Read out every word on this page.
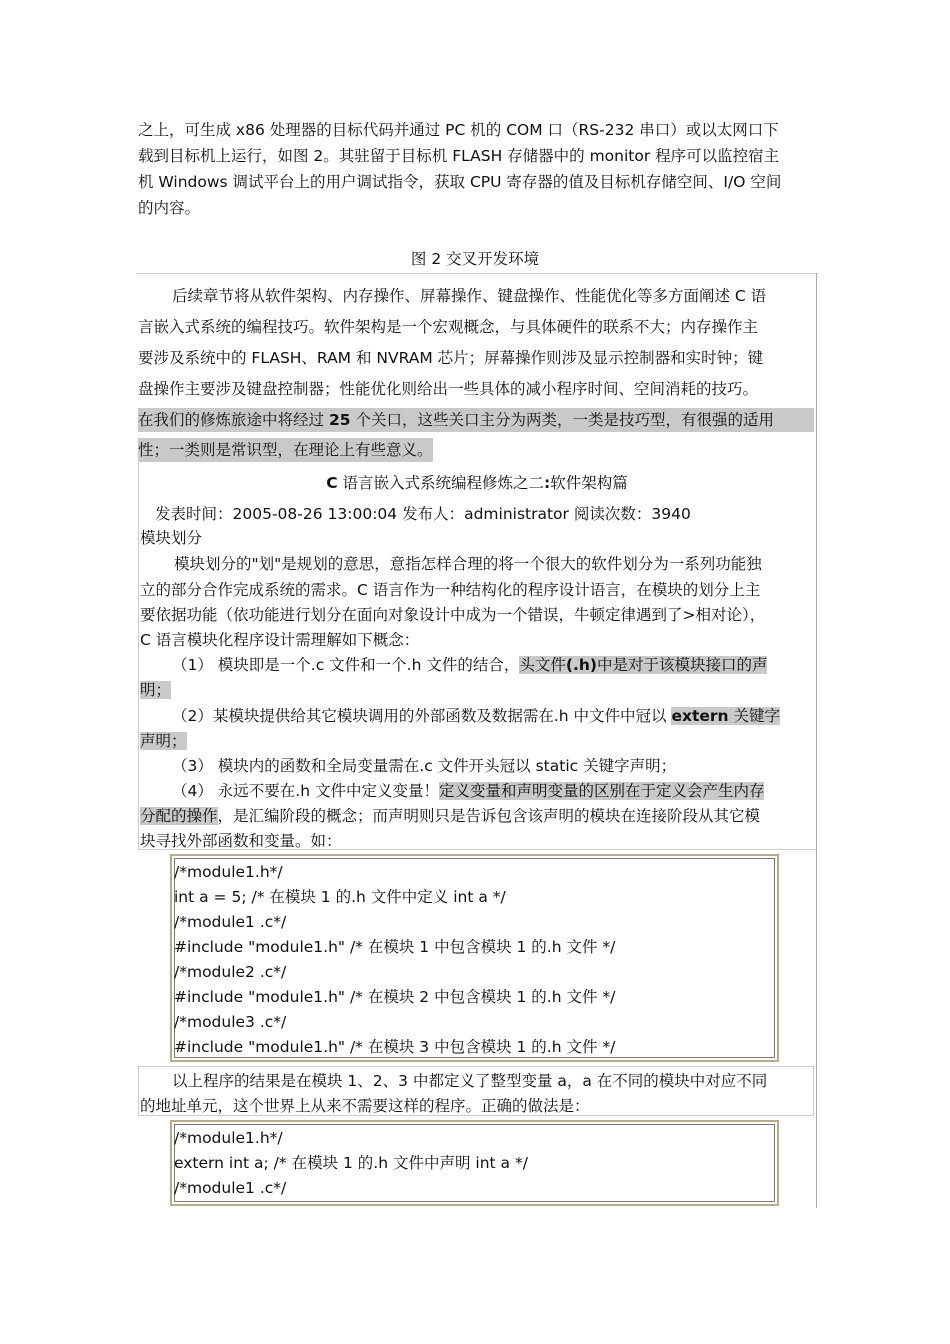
之上，可生成 x86 处理器的目标代码并通过 PC 机的 COM 口（RS-232 串口）或以太网口下
载到目标机上运行，如图 2。其驻留于目标机 FLASH 存储器中的 monitor 程序可以监控宿主
机 Windows 调试平台上的用户调试指令，获取 CPU 寄存器的值及目标机存储空间、I/O 空间
的内容。
图 2 交叉开发环境
后续章节将从软件架构、内存操作、屏幕操作、键盘操作、性能优化等多方面阐述 C 语
言嵌入式系统的编程技巧。软件架构是一个宏观概念，与具体硬件的联系不大；内存操作主
要涉及系统中的 FLASH、RAM 和 NVRAM 芯片；屏幕操作则涉及显示控制器和实时钟；键
盘操作主要涉及键盘控制器；性能优化则给出一些具体的减小程序时间、空间消耗的技巧。
在我们的修炼旅途中将经过 25 个关口，这些关口主分为两类，一类是技巧型，有很强的适用
性；一类则是常识型，在理论上有些意义。
C 语言嵌入式系统编程修炼之二:软件架构篇
发表时间：2005-08-26 13:00:04 发布人：administrator 阅读次数：3940
模块划分
模块划分的"划"是规划的意思，意指怎样合理的将一个很大的软件划分为一系列功能独
立的部分合作完成系统的需求。C 语言作为一种结构化的程序设计语言，在模块的划分上主
要依据功能（依功能进行划分在面向对象设计中成为一个错误，牛顿定律遇到了>相对论），
C 语言模块化程序设计需理解如下概念：
（1） 模块即是一个.c 文件和一个.h 文件的结合，头文件(.h)中是对于该模块接口的声
明；
（2）某模块提供给其它模块调用的外部函数及数据需在.h 中文件中冠以 extern 关键字
声明；
（3） 模块内的函数和全局变量需在.c 文件开头冠以 static 关键字声明；
（4） 永远不要在.h 文件中定义变量！定义变量和声明变量的区别在于定义会产生内存
分配的操作，是汇编阶段的概念；而声明则只是告诉包含该声明的模块在连接阶段从其它模
块寻找外部函数和变量。如：
/*module1.h*/
int a = 5; /* 在模块 1 的.h 文件中定义 int a */
/*module1 .c*/
#include "module1.h" /* 在模块 1 中包含模块 1 的.h 文件 */
/*module2 .c*/
#include "module1.h" /* 在模块 2 中包含模块 1 的.h 文件 */
/*module3 .c*/
#include "module1.h" /* 在模块 3 中包含模块 1 的.h 文件 */
以上程序的结果是在模块 1、2、3 中都定义了整型变量 a，a 在不同的模块中对应不同
的地址单元，这个世界上从来不需要这样的程序。正确的做法是：
/*module1.h*/
extern int a; /* 在模块 1 的.h 文件中声明 int a */
/*module1 .c*/
